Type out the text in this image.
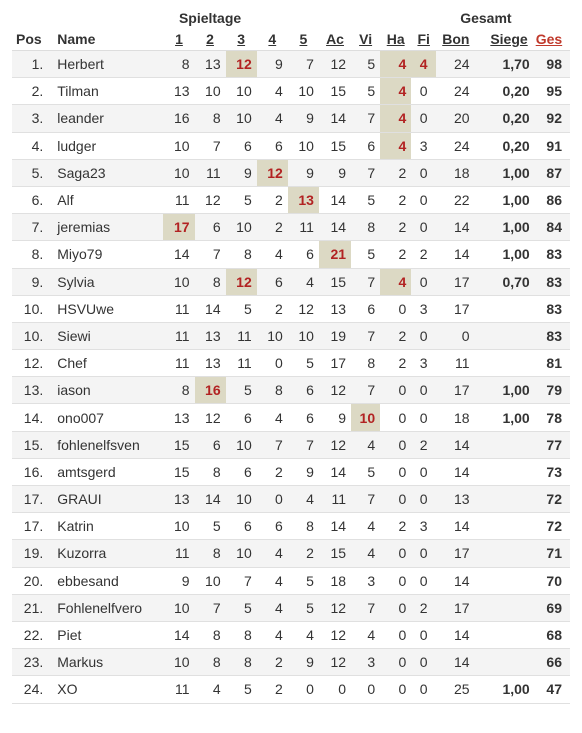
		Spieltage									Gesamt		
Pos	Name	1	2	3	4	5	Ac	Vi	Ha	Fi	Bon	Siege	Ges
1.	Herbert	8	13	12	9	7	12	5	4	4	24	1,70	98
2.	Tilman	13	10	10	4	10	15	5	4	0	24	0,20	95
3.	leander	16	8	10	4	9	14	7	4	0	20	0,20	92
4.	ludger	10	7	6	6	10	15	6	4	3	24	0,20	91
5.	Saga23	10	11	9	12	9	9	7	2	0	18	1,00	87
6.	Alf	11	12	5	2	13	14	5	2	0	22	1,00	86
7.	jeremias	17	6	10	2	11	14	8	2	0	14	1,00	84
8.	Miyo79	14	7	8	4	6	21	5	2	2	14	1,00	83
9.	Sylvia	10	8	12	6	4	15	7	4	0	17	0,70	83
10.	HSVUwe	11	14	5	2	12	13	6	0	3	17		83
10.	Siewi	11	13	11	10	10	19	7	2	0	0		83
12.	Chef	11	13	11	0	5	17	8	2	3	11		81
13.	iason	8	16	5	8	6	12	7	0	0	17	1,00	79
14.	ono007	13	12	6	4	6	9	10	0	0	18	1,00	78
15.	fohlenelfsven	15	6	10	7	7	12	4	0	2	14		77
16.	amtsgerd	15	8	6	2	9	14	5	0	0	14		73
17.	GRAUI	13	14	10	0	4	11	7	0	0	13		72
17.	Katrin	10	5	6	6	8	14	4	2	3	14		72
19.	Kuzorra	11	8	10	4	2	15	4	0	0	17		71
20.	ebbesand	9	10	7	4	5	18	3	0	0	14		70
21.	Fohlenelfvero	10	7	5	4	5	12	7	0	2	17		69
22.	Piet	14	8	8	4	4	12	4	0	0	14		68
23.	Markus	10	8	8	2	9	12	3	0	0	14		66
24.	XO	11	4	5	2	0	0	0	0	0	25	1,00	47
